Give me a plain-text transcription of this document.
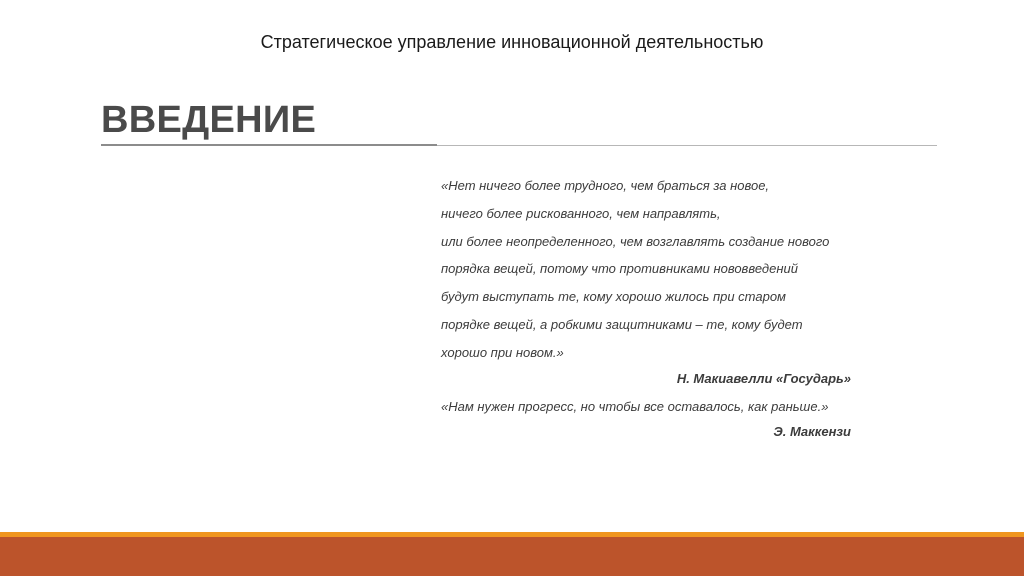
Стратегическое управление инновационной деятельностью
ВВЕДЕНИЕ

«Нет ничего более трудного, чем браться за новое,

ничего более рискованного, чем направлять,

или более неопределенного, чем возглавлять создание нового

порядка вещей, потому что противниками нововведений

будут выступать те, кому хорошо жилось при старом

порядке вещей, а робкими защитниками – те, кому будет

хорошо при новом.»

Н. Макиавелли «Государь»

«Нам нужен прогресс, но чтобы все оставалось, как раньше.»

Э. Маккензи
